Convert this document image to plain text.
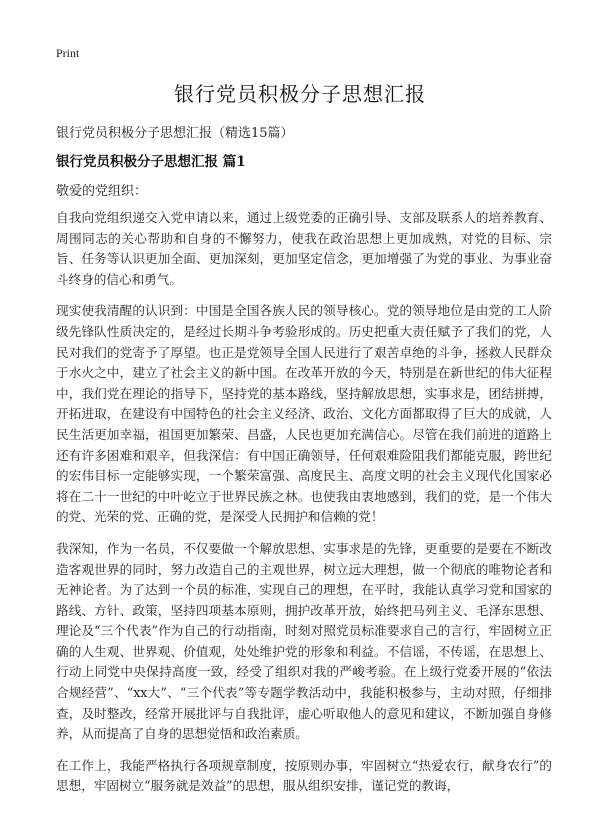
Print
银行党员积极分子思想汇报
银行党员积极分子思想汇报（精选15篇）
银行党员积极分子思想汇报 篇1
敬爱的党组织：

自我向党组织递交入党申请以来，通过上级党委的正确引导、支部及联系人的培养教育、周围同志的关心帮助和自身的不懈努力，使我在政治思想上更加成熟，对党的目标、宗旨、任务等认识更加全面、更加深刻，更加坚定信念，更加增强了为党的事业、为事业奋斗终身的信心和勇气。

现实使我清醒的认识到：中国是全国各族人民的领导核心。党的领导地位是由党的工人阶级先锋队性质决定的，是经过长期斗争考验形成的。历史把重大责任赋予了我们的党，人民对我们的党寄予了厚望。也正是党领导全国人民进行了艰苦卓绝的斗争，拯救人民群众于水火之中，建立了社会主义的新中国。在改革开放的今天，特别是在新世纪的伟大征程中，我们党在理论的指导下，坚持党的基本路线，坚持解放思想，实事求是，团结拼搏，开拓进取，在建设有中国特色的社会主义经济、政治、文化方面都取得了巨大的成就，人民生活更加幸福，祖国更加繁荣、昌盛，人民也更加充满信心。尽管在我们前进的道路上还有许多困难和艰辛，但我深信：有中国正确领导，任何艰难险阻我们都能克服，跨世纪的宏伟目标一定能够实现，一个繁荣富强、高度民主、高度文明的社会主义现代化国家必将在二十一世纪的中叶屹立于世界民族之林。也使我由衷地感到，我们的党，是一个伟大的党、光荣的党、正确的党，是深受人民拥护和信赖的党！

我深知，作为一名员，不仅要做一个解放思想、实事求是的先锋，更重要的是要在不断改造客观世界的同时，努力改造自己的主观世界，树立远大理想，做一个彻底的唯物论者和无神论者。为了达到一个员的标准，实现自己的理想，在平时，我能认真学习党和国家的路线、方针、政策，坚持四项基本原则，拥护改革开放，始终把马列主义、毛泽东思想、理论及“三个代表”作为自己的行动指南，时刻对照党员标准要求自己的言行，牢固树立正确的人生观、世界观、价值观，处处维护党的形象和利益。不信谣，不传谣，在思想上、行动上同党中央保持高度一致，经受了组织对我的严峻考验。在上级行党委开展的“依法合规经营”、“xx大”、“三个代表”等专题学教活动中，我能积极参与，主动对照，仔细排查，及时整改，经常开展批评与自我批评，虚心听取他人的意见和建议，不断加强自身修养，从而提高了自身的思想觉悟和政治素质。

在工作上，我能严格执行各项规章制度，按原则办事，牢固树立“热爱农行，献身农行”的思想，牢固树立“服务就是效益”的思想，服从组织安排，谨记党的教诲，
